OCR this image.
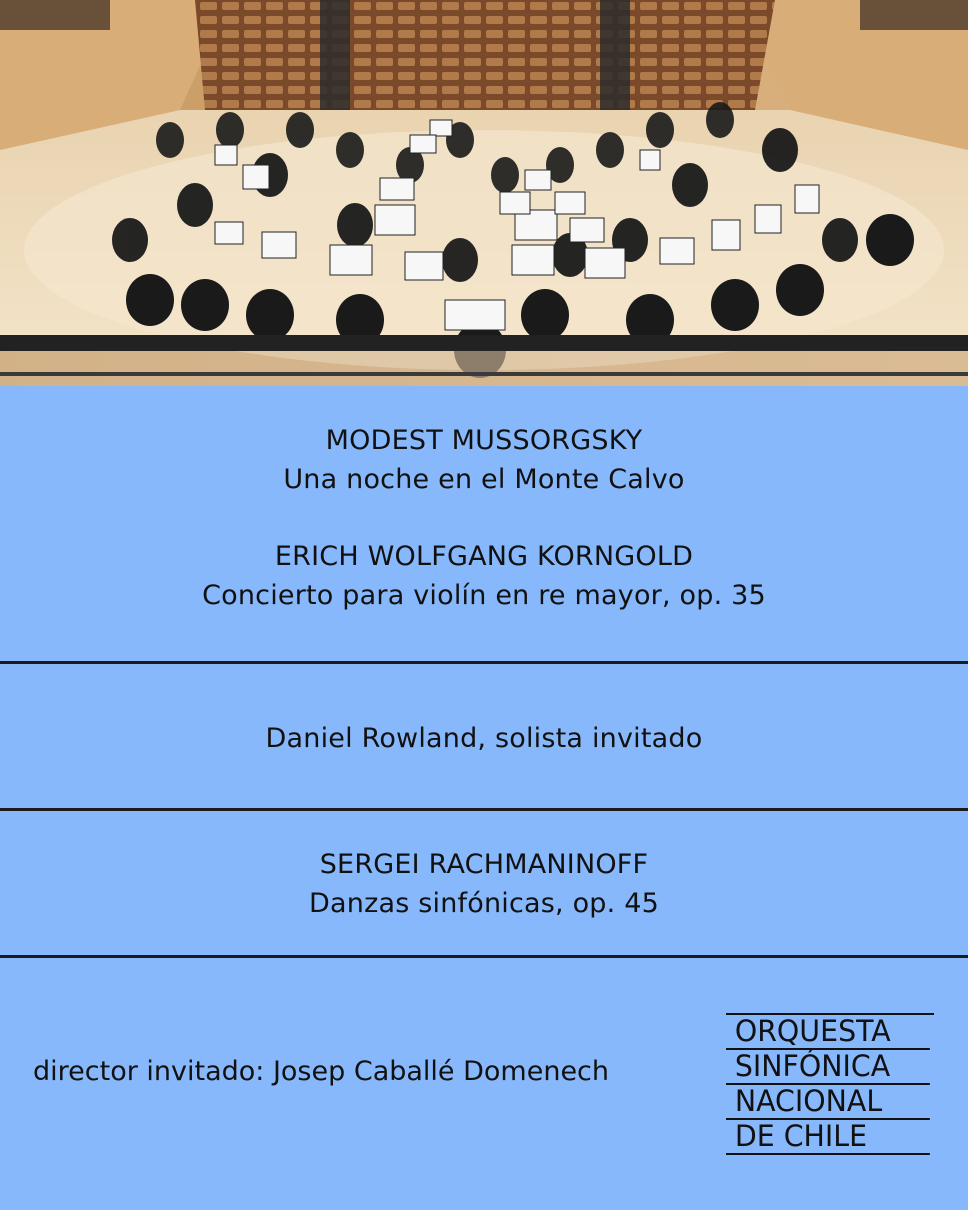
MODEST MUSSORGSKY
Una noche en el Monte Calvo
ERICH WOLFGANG KORNGOLD
Concierto para violín en re mayor, op. 35
Daniel Rowland, solista invitado
SERGEI RACHMANINOFF
Danzas sinfónicas, op. 45
director invitado: Josep Caballé Domenech
ORQUESTA
SINFÓNICA
NACIONAL
DE CHILE
